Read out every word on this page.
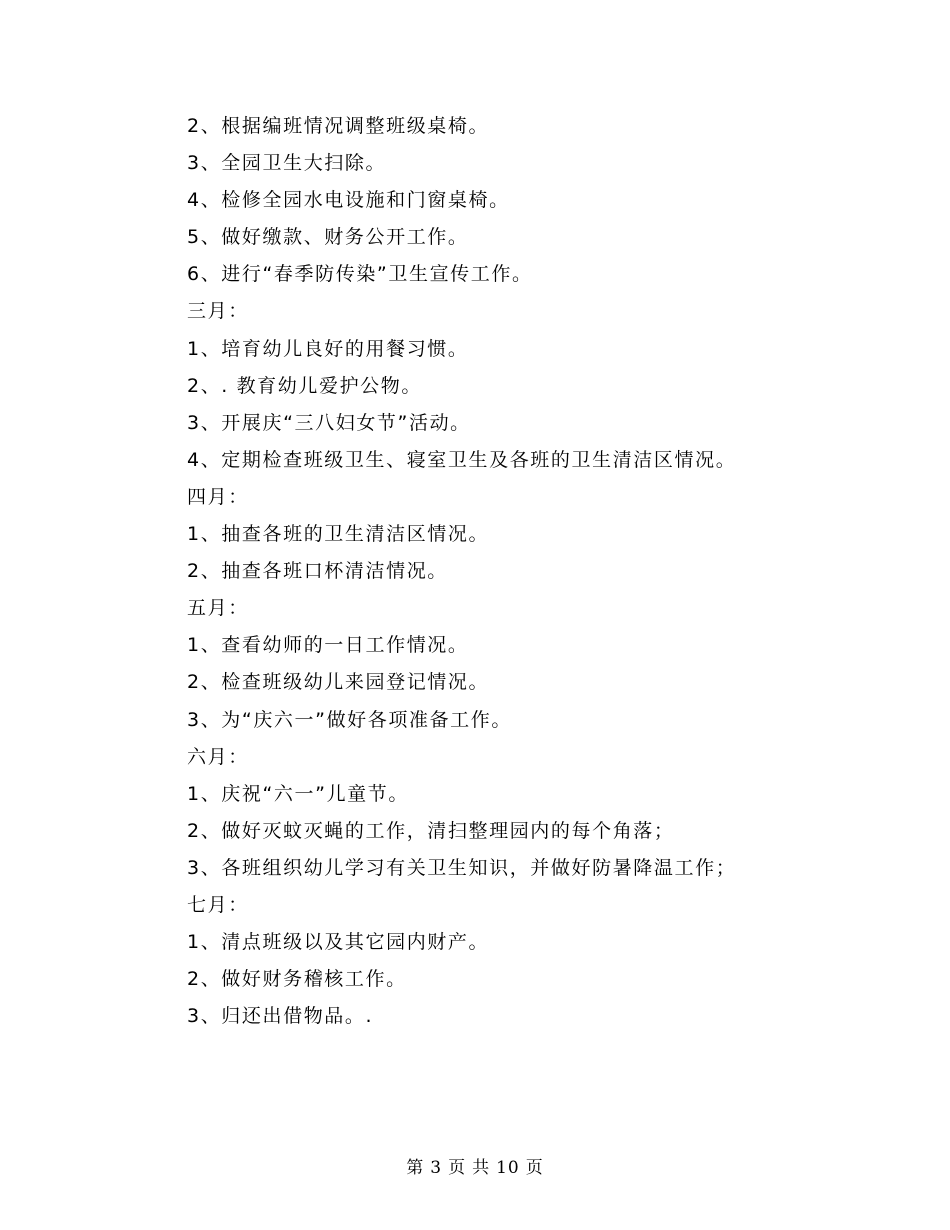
2、根据编班情况调整班级桌椅。
3、全园卫生大扫除。
4、检修全园水电设施和门窗桌椅。
5、做好缴款、财务公开工作。
6、进行“春季防传染”卫生宣传工作。
三月：
1、培育幼儿良好的用餐习惯。
2、. 教育幼儿爱护公物。
3、开展庆“三八妇女节”活动。
4、定期检查班级卫生、寝室卫生及各班的卫生清洁区情况。
四月：
1、抽查各班的卫生清洁区情况。
2、抽查各班口杯清洁情况。
五月：
1、查看幼师的一日工作情况。
2、检查班级幼儿来园登记情况。
3、为“庆六一”做好各项准备工作。
六月：
1、庆祝“六一”儿童节。
2、做好灭蚊灭蝇的工作，清扫整理园内的每个角落；
3、各班组织幼儿学习有关卫生知识，并做好防暑降温工作；
七月：
1、清点班级以及其它园内财产。
2、做好财务稽核工作。
3、归还出借物品。.
第 3 页 共 10 页
